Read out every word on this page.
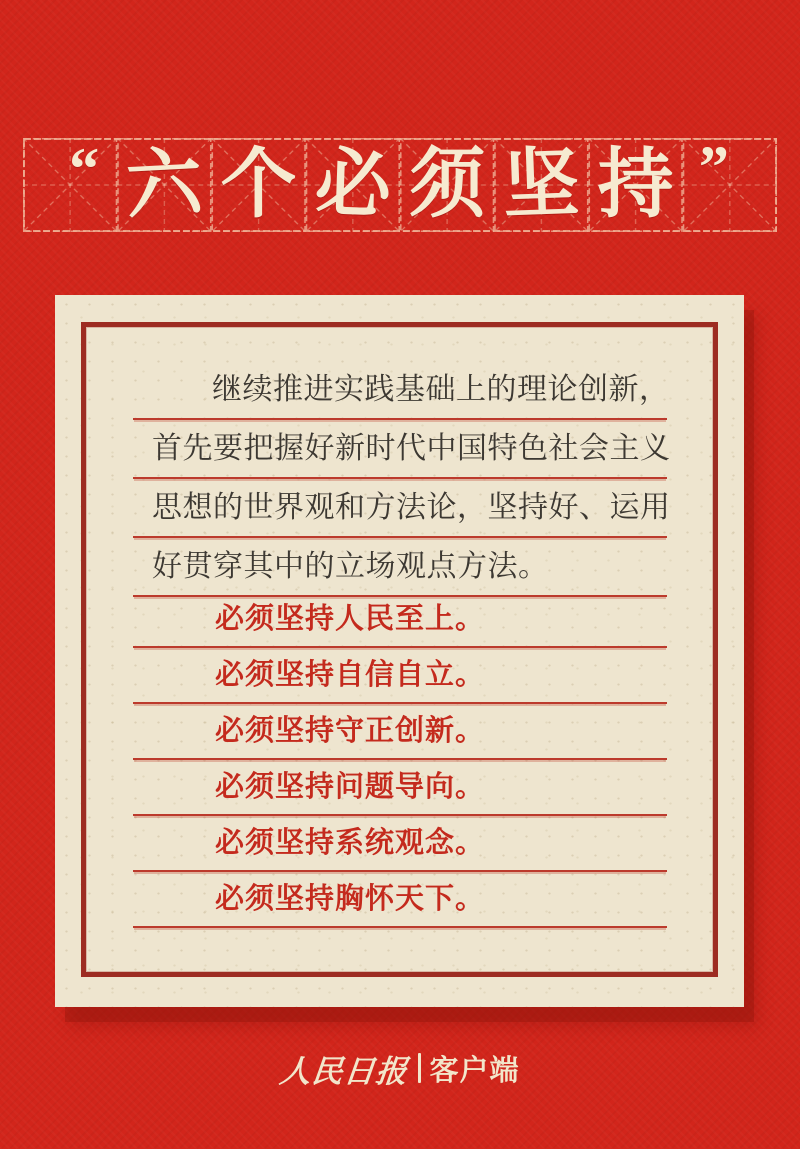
“ 六 个 必 须 坚 持 ”
继续推进实践基础上的理论创新，
首先要把握好新时代中国特色社会主义
思想的世界观和方法论，坚持好、运用
好贯穿其中的立场观点方法。
必须坚持人民至上。
必须坚持自信自立。
必须坚持守正创新。
必须坚持问题导向。
必须坚持系统观念。
必须坚持胸怀天下。
人民日报 客户端
